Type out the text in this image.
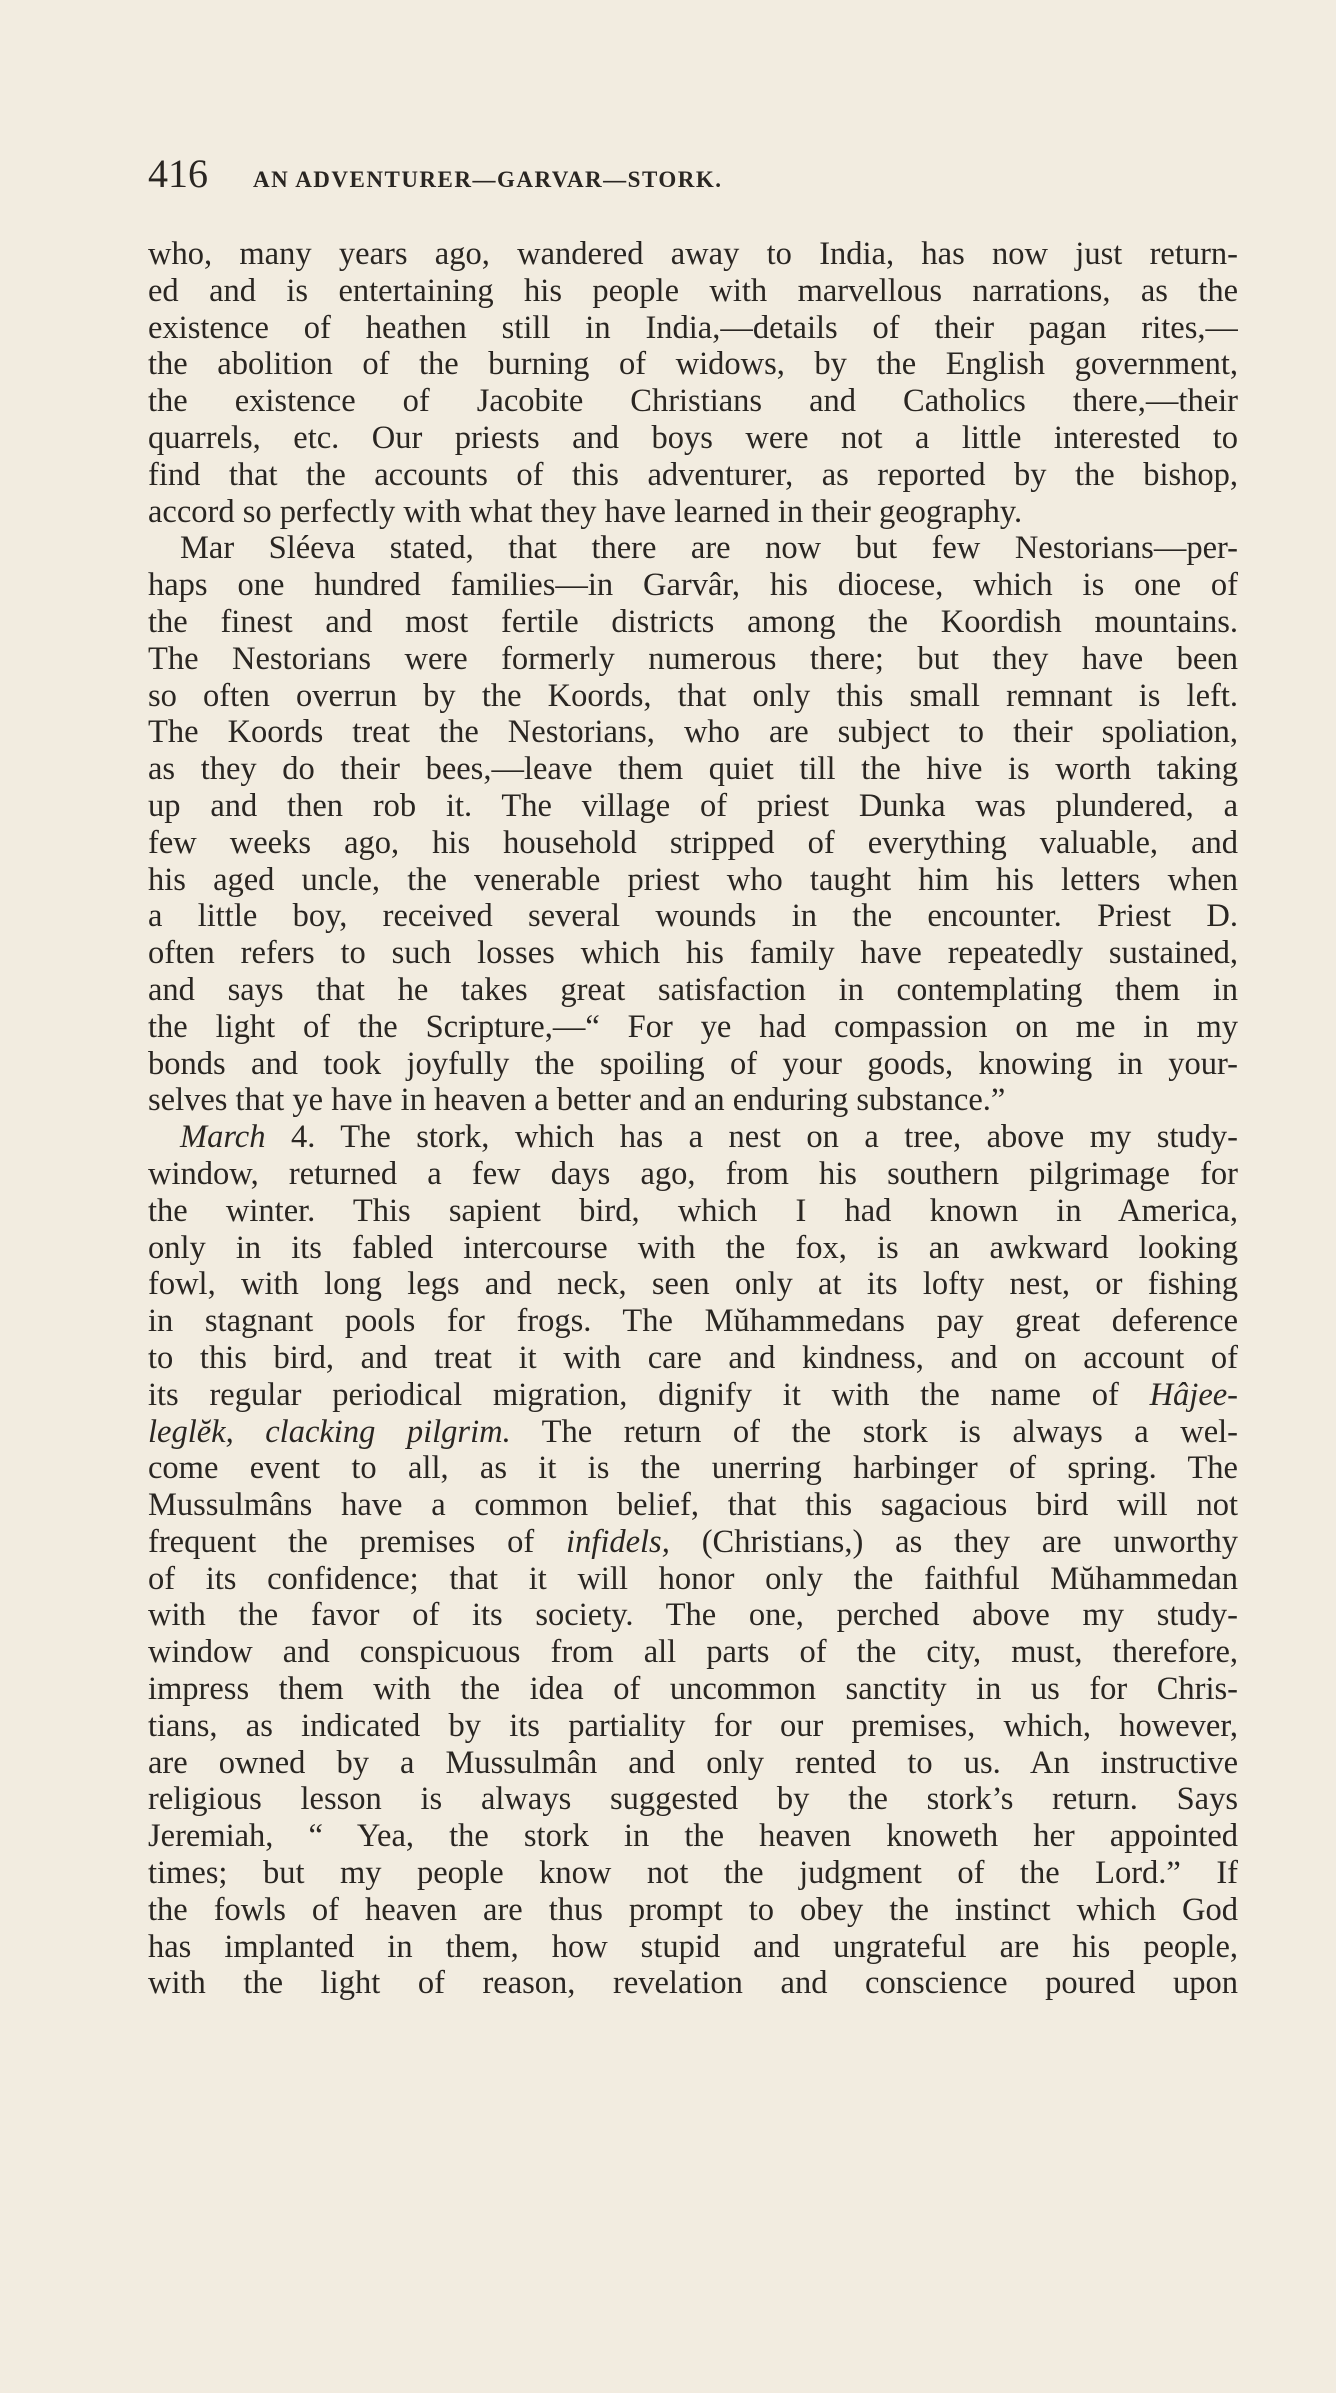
416	AN ADVENTURER—GARVAR—STORK.
who, many years ago, wandered away to India, has now just return-
ed and is entertaining his people with marvellous narrations, as the
existence of heathen still in India,—details of their pagan rites,—
the abolition of the burning of widows, by the English government,
the existence of Jacobite Christians and Catholics there,—their
quarrels, etc. Our priests and boys were not a little interested to
find that the accounts of this adventurer, as reported by the bishop,
accord so perfectly with what they have learned in their geography.
Mar Sléeva stated, that there are now but few Nestorians—per-
haps one hundred families—in Garvâr, his diocese, which is one of
the finest and most fertile districts among the Koordish mountains.
The Nestorians were formerly numerous there; but they have been
so often overrun by the Koords, that only this small remnant is left.
The Koords treat the Nestorians, who are subject to their spoliation,
as they do their bees,—leave them quiet till the hive is worth taking
up and then rob it. The village of priest Dunka was plundered, a
few weeks ago, his household stripped of everything valuable, and
his aged uncle, the venerable priest who taught him his letters when
a little boy, received several wounds in the encounter. Priest D.
often refers to such losses which his family have repeatedly sustained,
and says that he takes great satisfaction in contemplating them in
the light of the Scripture,—“ For ye had compassion on me in my
bonds and took joyfully the spoiling of your goods, knowing in your-
selves that ye have in heaven a better and an enduring substance.”
March 4. The stork, which has a nest on a tree, above my study-
window, returned a few days ago, from his southern pilgrimage for
the winter. This sapient bird, which I had known in America,
only in its fabled intercourse with the fox, is an awkward looking
fowl, with long legs and neck, seen only at its lofty nest, or fishing
in stagnant pools for frogs. The Mŭhammedans pay great deference
to this bird, and treat it with care and kindness, and on account of
its regular periodical migration, dignify it with the name of Hâjee-
leglĕk, clacking pilgrim. The return of the stork is always a wel-
come event to all, as it is the unerring harbinger of spring. The
Mussulmâns have a common belief, that this sagacious bird will not
frequent the premises of infidels, (Christians,) as they are unworthy
of its confidence; that it will honor only the faithful Mŭhammedan
with the favor of its society. The one, perched above my study-
window and conspicuous from all parts of the city, must, therefore,
impress them with the idea of uncommon sanctity in us for Chris-
tians, as indicated by its partiality for our premises, which, however,
are owned by a Mussulmân and only rented to us. An instructive
religious lesson is always suggested by the stork’s return. Says
Jeremiah, “ Yea, the stork in the heaven knoweth her appointed
times; but my people know not the judgment of the Lord.” If
the fowls of heaven are thus prompt to obey the instinct which God
has implanted in them, how stupid and ungrateful are his people,
with the light of reason, revelation and conscience poured upon
